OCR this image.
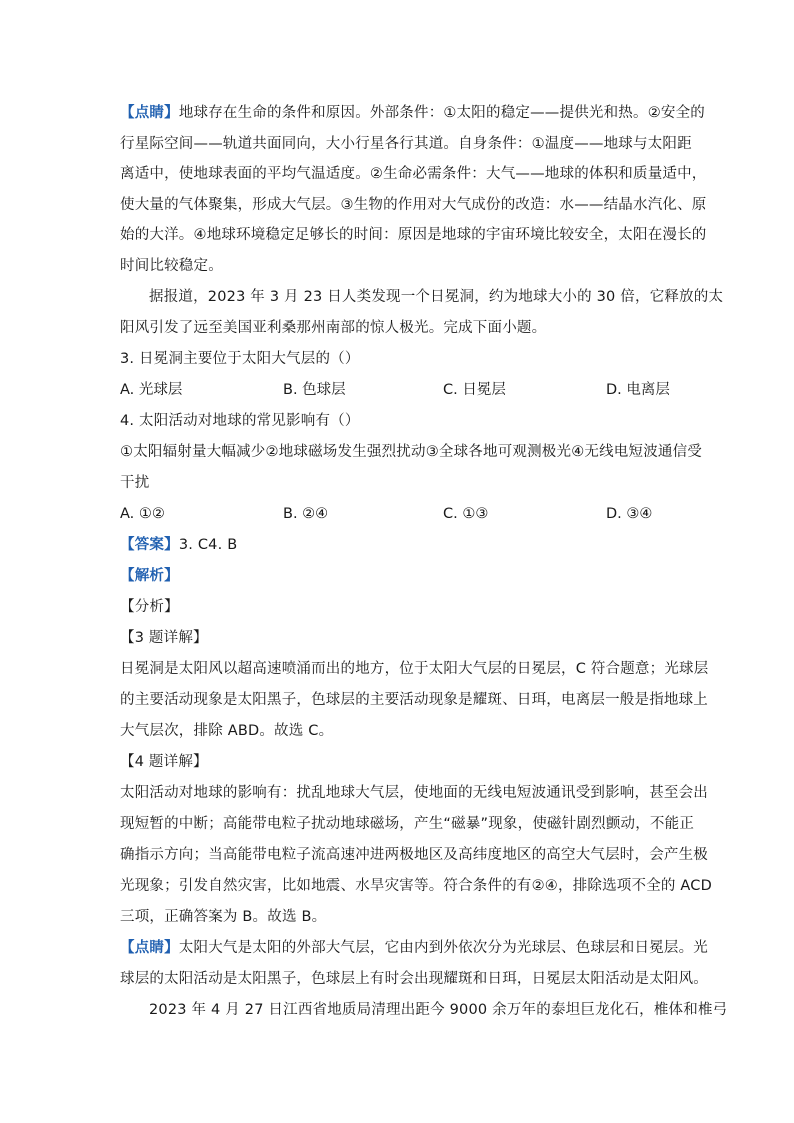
【点睛】地球存在生命的条件和原因。外部条件：①太阳的稳定——提供光和热。②安全的
行星际空间——轨道共面同向，大小行星各行其道。自身条件：①温度——地球与太阳距
离适中，使地球表面的平均气温适度。②生命必需条件：大气——地球的体积和质量适中，
使大量的气体聚集，形成大气层。③生物的作用对大气成份的改造：水——结晶水汽化、原
始的大洋。④地球环境稳定足够长的时间：原因是地球的宇宙环境比较安全，太阳在漫长的
时间比较稳定。
据报道，2023 年 3 月 23 日人类发现一个日冕洞，约为地球大小的 30 倍，它释放的太
阳风引发了远至美国亚利桑那州南部的惊人极光。完成下面小题。
3. 日冕洞主要位于太阳大气层的（）
A. 光球层	B. 色球层	C. 日冕层	D. 电离层
4. 太阳活动对地球的常见影响有（）
①太阳辐射量大幅减少②地球磁场发生强烈扰动③全球各地可观测极光④无线电短波通信受
干扰
A. ①②	B. ②④	C. ①③	D. ③④
【答案】3. C4. B
【解析】
【分析】
【3 题详解】
日冕洞是太阳风以超高速喷涌而出的地方，位于太阳大气层的日冕层，C 符合题意；光球层
的主要活动现象是太阳黑子，色球层的主要活动现象是耀斑、日珥，电离层一般是指地球上
大气层次，排除 ABD。故选 C。
【4 题详解】
太阳活动对地球的影响有：扰乱地球大气层，使地面的无线电短波通讯受到影响，甚至会出
现短暂的中断；高能带电粒子扰动地球磁场，产生“磁暴”现象，使磁针剧烈颤动，不能正
确指示方向；当高能带电粒子流高速冲进两极地区及高纬度地区的高空大气层时，会产生极
光现象；引发自然灾害，比如地震、水旱灾害等。符合条件的有②④，排除选项不全的 ACD
三项，正确答案为 B。故选 B。
【点睛】太阳大气是太阳的外部大气层，它由内到外依次分为光球层、色球层和日冕层。光
球层的太阳活动是太阳黑子，色球层上有时会出现耀斑和日珥，日冕层太阳活动是太阳风。
2023 年 4 月 27 日江西省地质局清理出距今 9000 余万年的泰坦巨龙化石，椎体和椎弓
